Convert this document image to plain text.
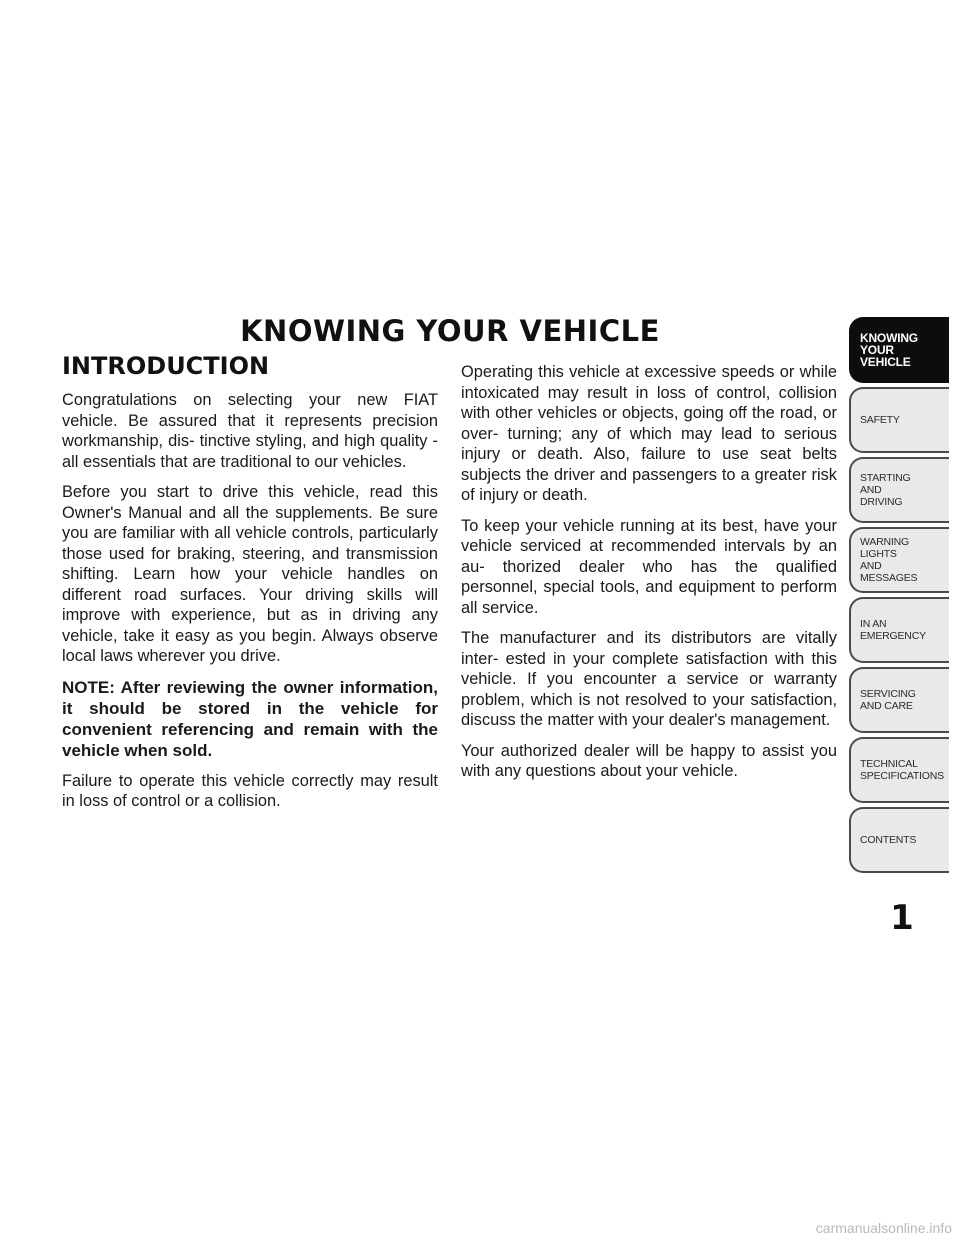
KNOWING YOUR VEHICLE
INTRODUCTION

Congratulations on selecting your new FIAT vehicle. Be assured that it represents precision workmanship, dis- tinctive styling, and high quality - all essentials that are traditional to our vehicles.

Before you start to drive this vehicle, read this Owner's Manual and all the supplements. Be sure you are familiar with all vehicle controls, particularly those used for braking, steering, and transmission shifting. Learn how your vehicle handles on different road surfaces. Your driving skills will improve with experience, but as in driving any vehicle, take it easy as you begin. Always observe local laws wherever you drive.

NOTE: After reviewing the owner information, it should be stored in the vehicle for convenient referencing and remain with the vehicle when sold.

Failure to operate this vehicle correctly may result in loss of control or a collision.

Operating this vehicle at excessive speeds or while intoxicated may result in loss of control, collision with other vehicles or objects, going off the road, or over- turning; any of which may lead to serious injury or death. Also, failure to use seat belts subjects the driver and passengers to a greater risk of injury or death.

To keep your vehicle running at its best, have your vehicle serviced at recommended intervals by an au- thorized dealer who has the qualified personnel, special tools, and equipment to perform all service.

The manufacturer and its distributors are vitally inter- ested in your complete satisfaction with this vehicle. If you encounter a service or warranty problem, which is not resolved to your satisfaction, discuss the matter with your dealer's management.

Your authorized dealer will be happy to assist you with any questions about your vehicle.

KNOWING
YOUR
VEHICLE
SAFETY
STARTING
AND
DRIVING
WARNING
LIGHTS
AND
MESSAGES
IN AN
EMERGENCY
SERVICING
AND CARE
TECHNICAL
SPECIFICATIONS
CONTENTS
1
carmanualsonline.info
